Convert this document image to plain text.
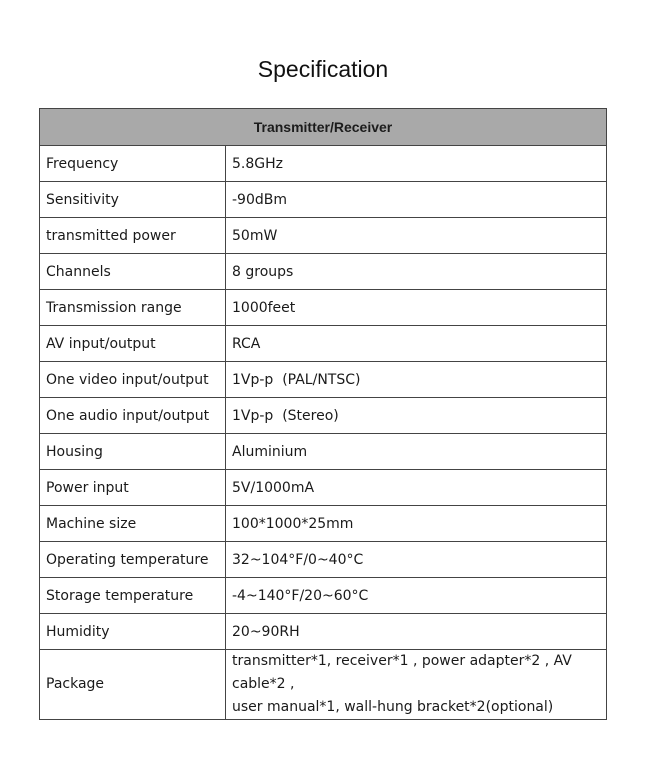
Specification
Transmitter/Receiver	
Frequency	5.8GHz
Sensitivity	-90dBm
transmitted power	50mW
Channels	8 groups
Transmission range	1000feet
AV input/output	RCA
One video input/output	1Vp-p  (PAL/NTSC)
One audio input/output	1Vp-p  (Stereo)
Housing	Aluminium
Power input	5V/1000mA
Machine size	100*1000*25mm
Operating temperature	32~104°F/0~40°C
Storage temperature	-4~140°F/20~60°C
Humidity	20~90RH
Package	transmitter*1, receiver*1 , power adapter*2 , AV cable*2 ,
user manual*1, wall-hung bracket*2(optional)
